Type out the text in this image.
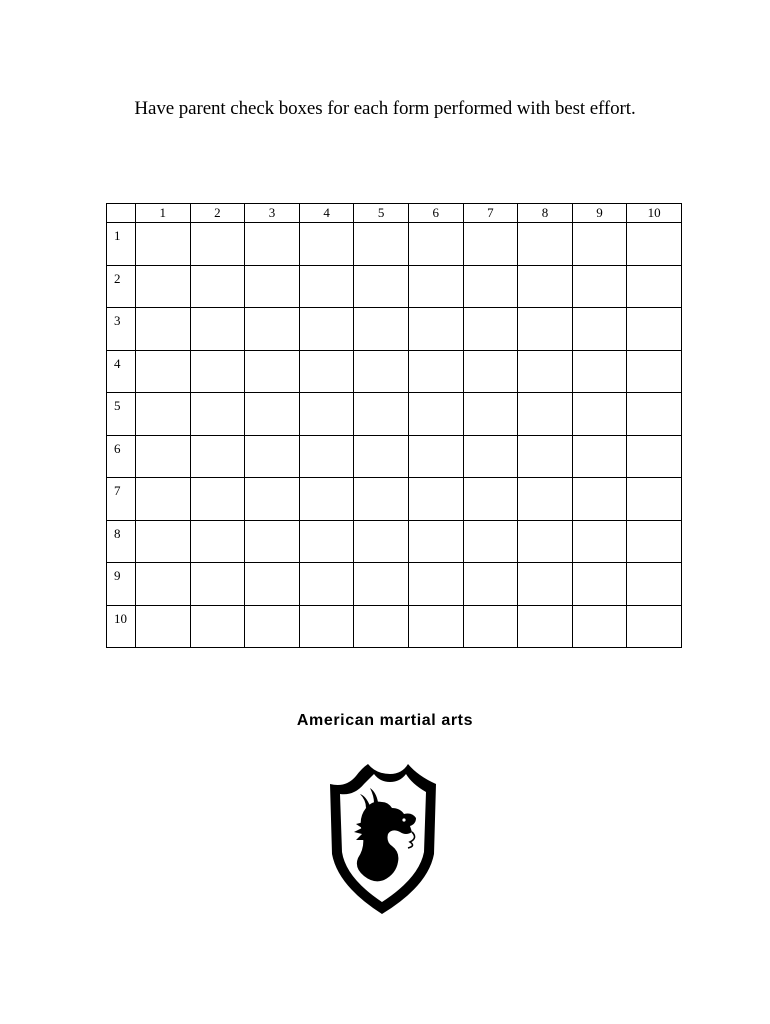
Have parent check boxes for each form performed with best effort.
	1	2	3	4	5	6	7	8	9	10
1										
2										
3										
4										
5										
6										
7										
8										
9										
10										
American martial arts
